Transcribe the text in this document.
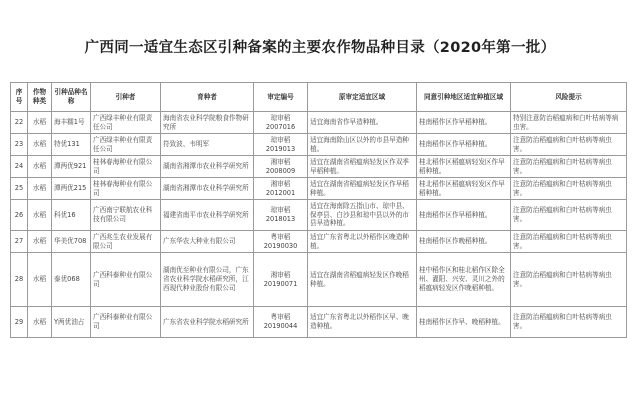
广西同一适宜生态区引种备案的主要农作物品种目录（2020年第一批）
序号	作物种类	引种品种名称	引种者	育种者	审定编号	原审定适宜区域	同意引种地区适宜种植区域	风险提示
22	水稻	海丰糯1号	广西绿丰种业有限责任公司	海南省农业科学院粮食作物研究所	琼审稻2007016	适宜海南省作早造种植。	桂南稻作区作早稻种植。	特别注意防治稻瘟病和白叶枯病等病虫害。
23	水稻	特优131	广西绿丰种业有限责任公司	符致波、韦明军	琼审稻2019013	适宜海南除山区以外的市县早造种植。	桂南稻作区作早稻种植。	注意防治稻瘟病和白叶枯病等病虫害。
24	水稻	潭两优921	桂林春海种业有限公司	湖南省湘潭市农业科学研究所	湘审稻2008009	适宜在湖南省稻瘟病轻发区作双季早稻种植。	桂北稻作区稻瘟病轻发区作早稻种植。	注意防治稻瘟病和白叶枯病等病虫害。
25	水稻	潭两优215	桂林春海种业有限公司	湖南省湘潭市农业科学研究所	湘审稻2012001	适宜在湖南省稻瘟病轻发区作早稻种植。	桂北稻作区稻瘟病轻发区作早稻种植。	注意防治稻瘟病和白叶枯病等病虫害。
26	水稻	科优16	广西南宁联航农业科技有限公司	福建省南平市农业科学研究所	琼审稻2018013	适宜在海南除五指山市、琼中县、保亭县、白沙县和琼中县以外的市县早造种植。	桂南稻作区作早稻种植。	注意防治稻瘟病和白叶枯病等病虫害。
27	水稻	华美优708	广西兆生农业发展有限公司	广东华农大种业有限公司	粤审稻20190030	适宜广东省粤北以外稻作区晚造种植。	桂南稻作区作晚稻种植。	注意防治稻瘟病和白叶枯病等病虫害。
28	水稻	泰优068	广西科泰种业有限公司	湖南优至种业有限公司，广东省农业科学院水稻研究所，江西现代种业股份有限公司	湘审稻20190071	适宜在湖南省稻瘟病轻发区作晚稻种植。	桂中稻作区和桂北稻作区除全州、灌阳、兴安、灵川之外的稻瘟病轻发区作晚稻种植。	注意防治稻瘟病和白叶枯病等病虫害。
29	水稻	Y两优油占	广西科泰种业有限公司	广东省农业科学院水稻研究所	粤审稻20190044	适宜广东省粤北以外稻作区早、晚造种植。	桂南稻作区作早、晚稻种植。	注意防治稻瘟病和白叶枯病等病虫害。
